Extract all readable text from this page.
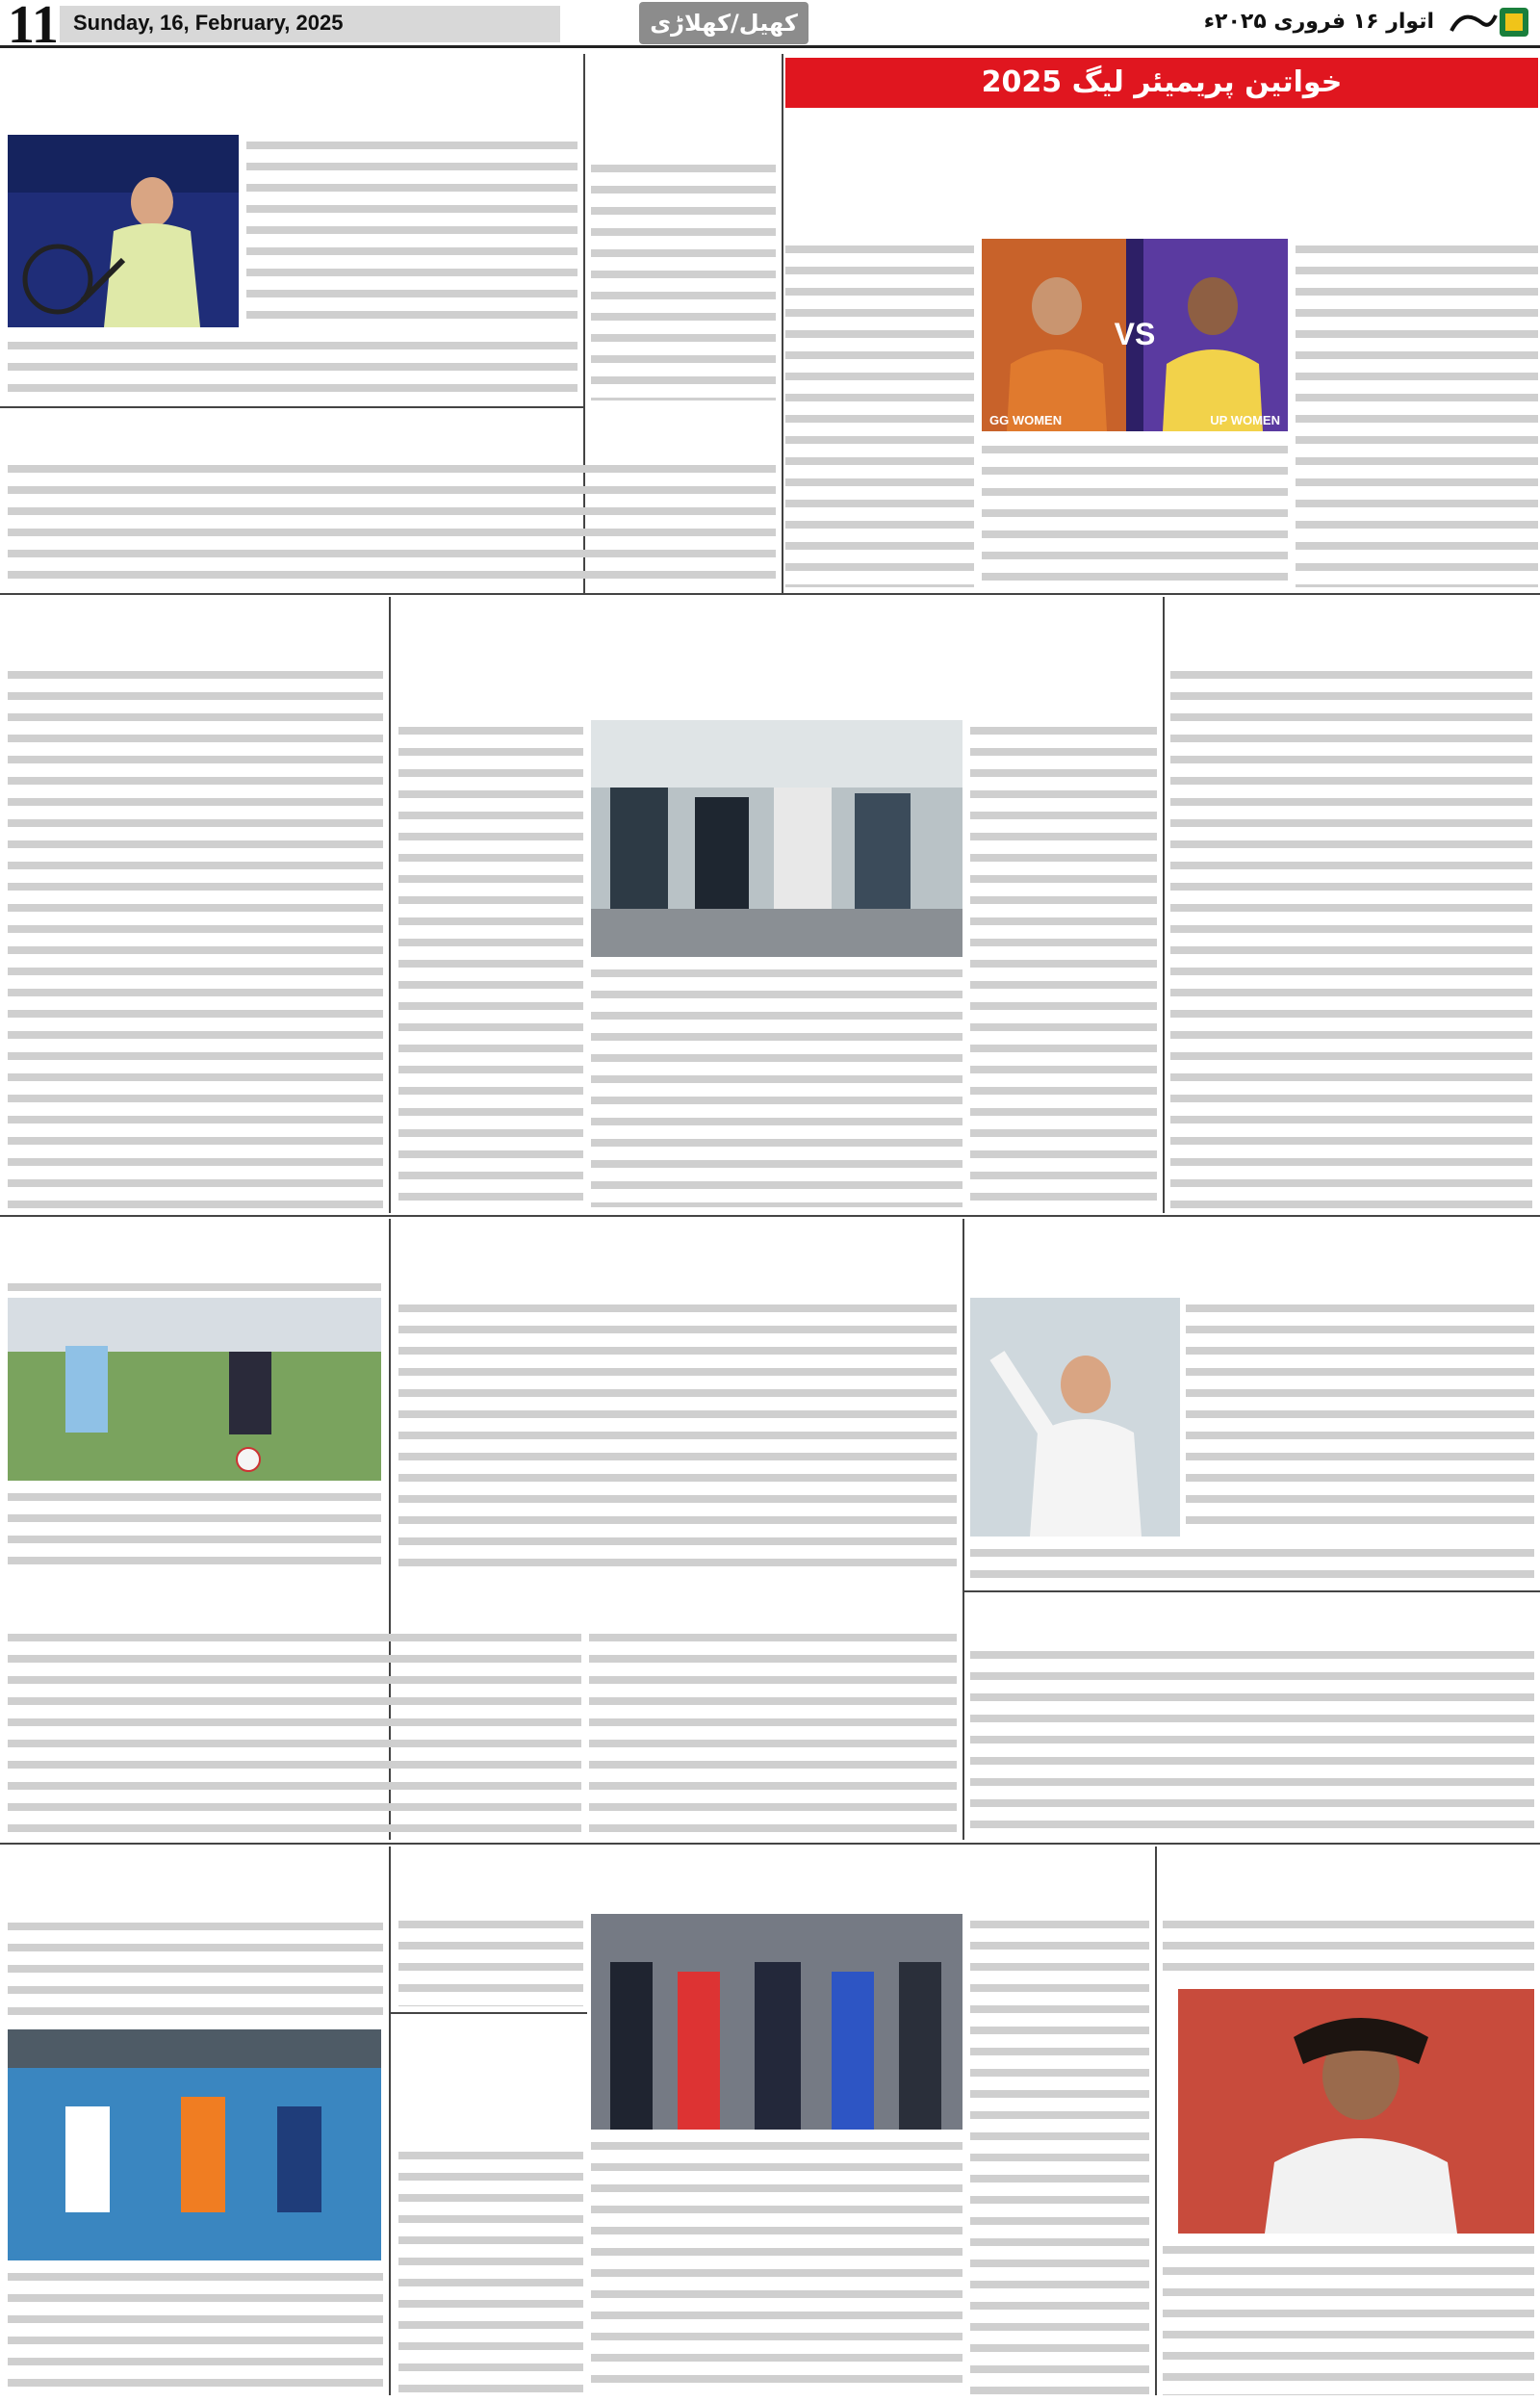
11 Sunday, 16, February, 2025	کھیل/کھلاڑی	اتوار ۱۶ فروری ۲۰۲۵ء
خواتین پریمیئر لیگ 2025
VS
GG WOMEN	UP WOMEN
